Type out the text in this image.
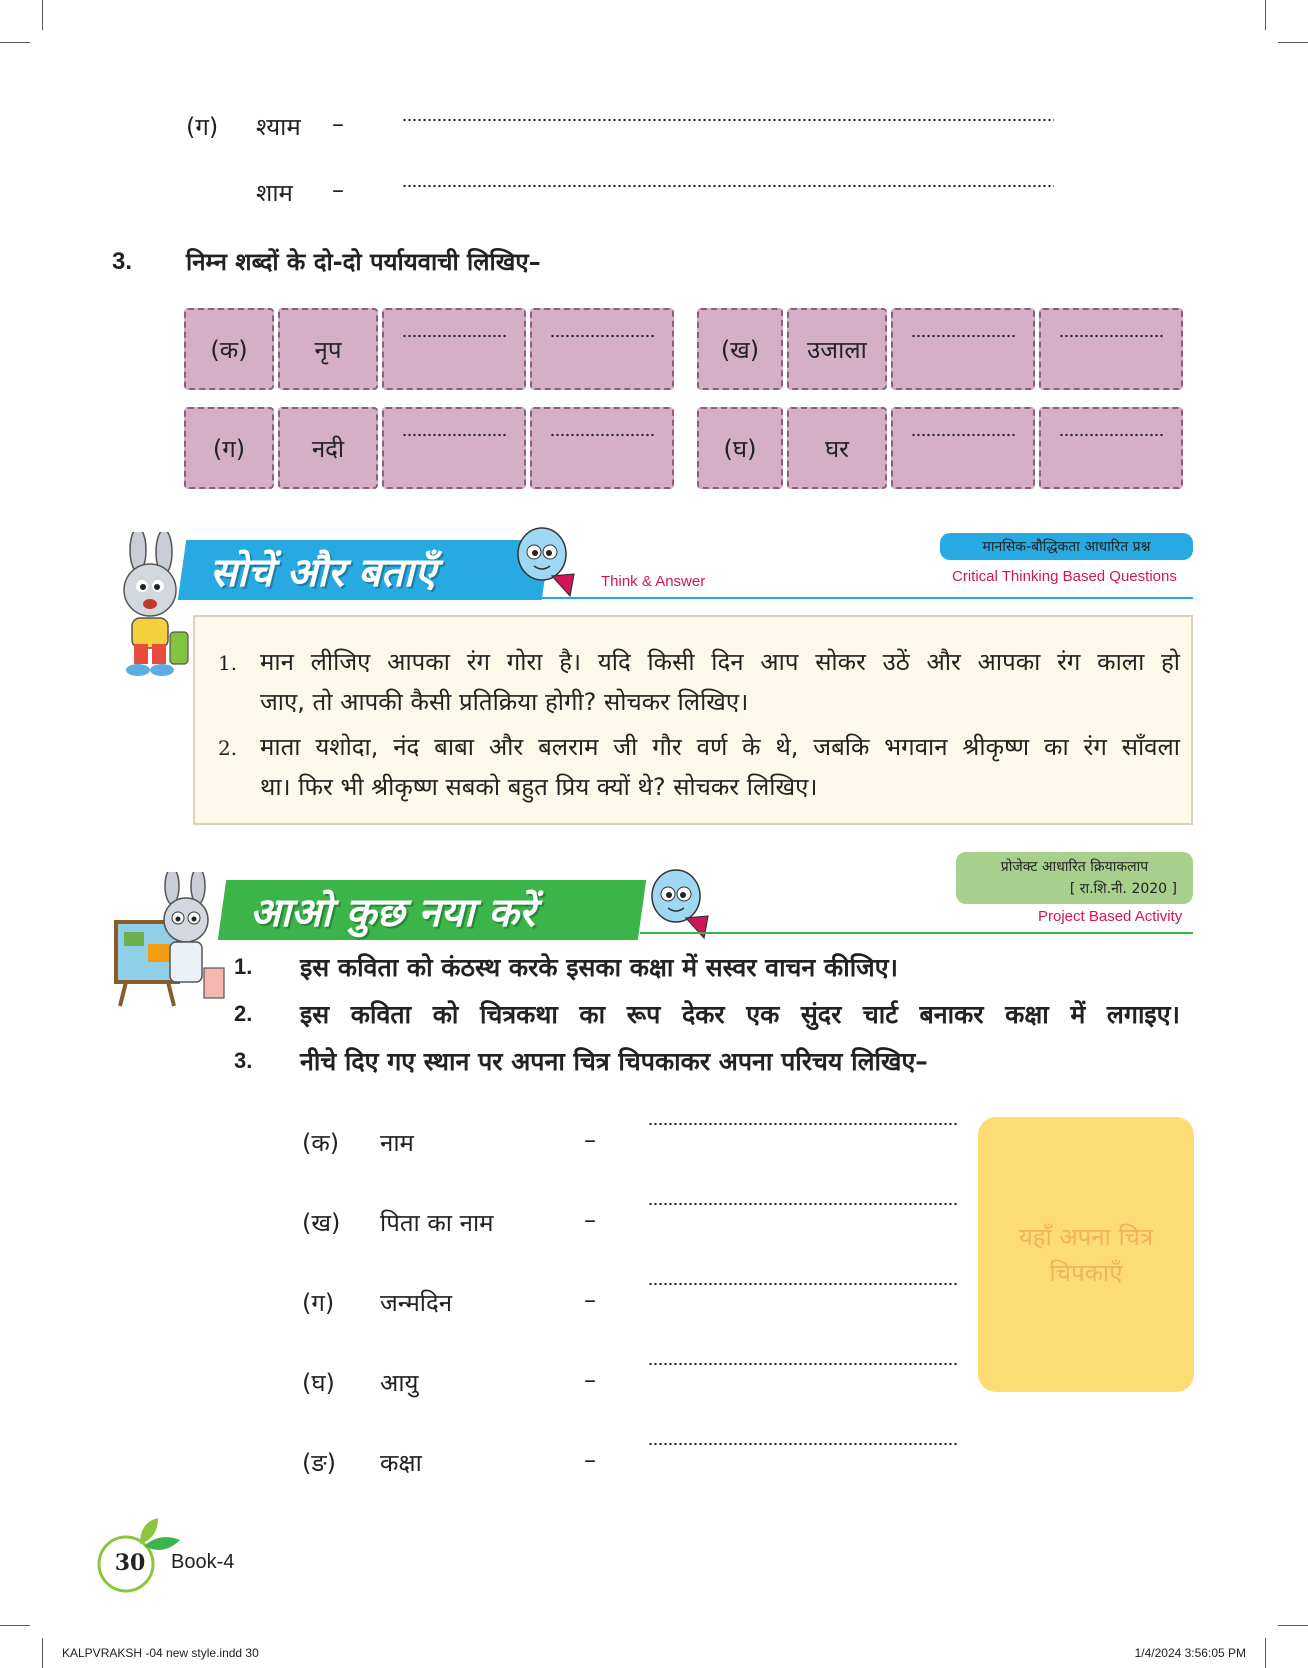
(ग) श्याम –
शाम –
3. निम्न शब्दों के दो-दो पर्यायवाची लिखिए–
(क)	नृप	(ख)	उजाला
(ग)	नदी	(घ)	घर
सोचें और बताएँ	Think & Answer
मानसिक-बौद्धिकता आधारित प्रश्न
Critical Thinking Based Questions
1. मान लीजिए आपका रंग गोरा है। यदि किसी दिन आप सोकर उठें और आपका रंग काला हो
जाए, तो आपकी कैसी प्रतिक्रिया होगी? सोचकर लिखिए।
2. माता यशोदा, नंद बाबा और बलराम जी गौर वर्ण के थे, जबकि भगवान श्रीकृष्ण का रंग साँवला
था। फिर भी श्रीकृष्ण सबको बहुत प्रिय क्यों थे? सोचकर लिखिए।
आओ कुछ नया करें
प्रोजेक्ट आधारित क्रियाकलाप
[ रा.शि.नी. 2020 ]
Project Based Activity
1. इस कविता को कंठस्थ करके इसका कक्षा में सस्वर वाचन कीजिए।
2. इस कविता को चित्रकथा का रूप देकर एक सुंदर चार्ट बनाकर कक्षा में लगाइए।
3. नीचे दिए गए स्थान पर अपना चित्र चिपकाकर अपना परिचय लिखिए–
(क) नाम	–
(ख) पिता का नाम	–
(ग) जन्मदिन	–
(घ) आयु	–
(ङ) कक्षा	–
यहाँ अपना चित्र चिपकाएँ
30	Book-4
KALPVRAKSH -04 new style.indd 30	1/4/2024 3:56:05 PM
